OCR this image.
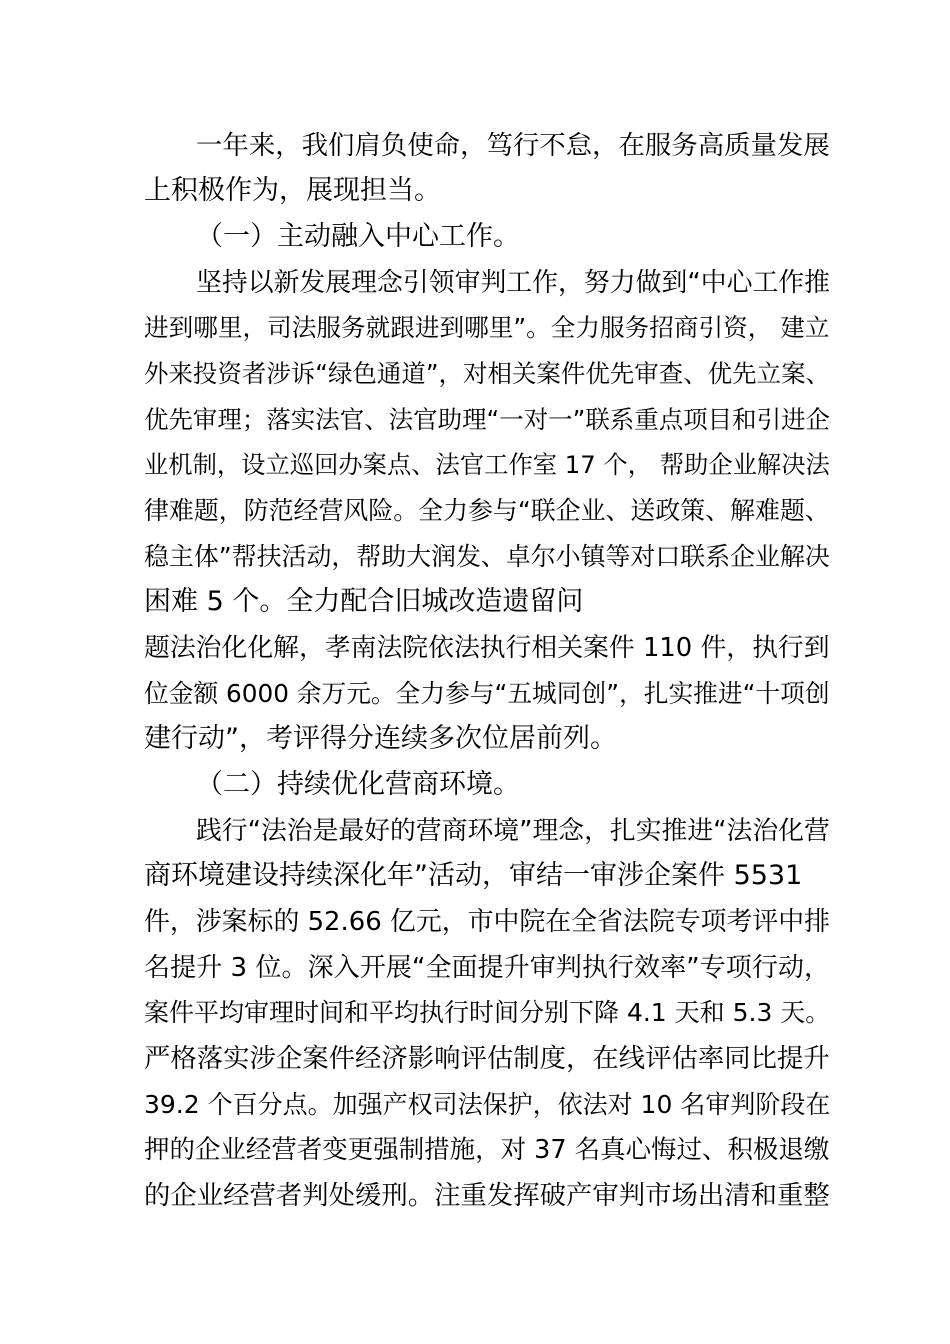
一年来，我们肩负使命，笃行不怠，在服务高质量发展
上积极作为，展现担当。
（一）主动融入中心工作。
坚持以新发展理念引领审判工作，努力做到“中心工作推
进到哪里，司法服务就跟进到哪里”。全力服务招商引资， 建立
外来投资者涉诉“绿色通道”，对相关案件优先审查、优先立案、
优先审理；落实法官、法官助理“一对一”联系重点项目和引进企
业机制，设立巡回办案点、法官工作室 17 个， 帮助企业解决法
律难题，防范经营风险。全力参与“联企业、送政策、解难题、
稳主体”帮扶活动，帮助大润发、卓尔小镇等对口联系企业解决
困难 5 个。全力配合旧城改造遗留问
题法治化化解，孝南法院依法执行相关案件 110 件，执行到
位金额 6000 余万元。全力参与“五城同创”，扎实推进“十项创
建行动”，考评得分连续多次位居前列。
（二）持续优化营商环境。
践行“法治是最好的营商环境”理念，扎实推进“法治化营
商环境建设持续深化年”活动，审结一审涉企案件 5531
件，涉案标的 52.66 亿元，市中院在全省法院专项考评中排
名提升 3 位。深入开展“全面提升审判执行效率”专项行动，
案件平均审理时间和平均执行时间分别下降 4.1 天和 5.3 天。
严格落实涉企案件经济影响评估制度，在线评估率同比提升
39.2 个百分点。加强产权司法保护，依法对 10 名审判阶段在
押的企业经营者变更强制措施，对 37 名真心悔过、积极退缴
的企业经营者判处缓刑。注重发挥破产审判市场出清和重整
